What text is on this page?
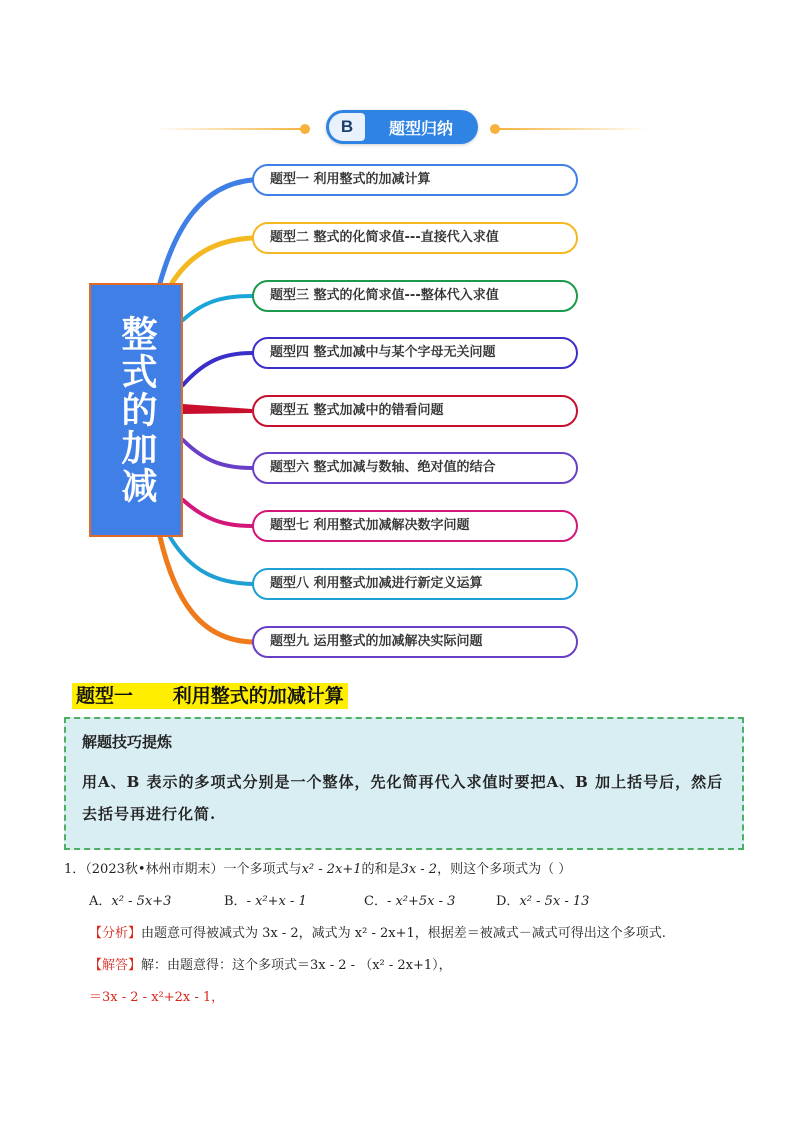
B	题型归纳
整式的加减
题型一 利用整式的加减计算
题型二 整式的化简求值---直接代入求值
题型三 整式的化简求值---整体代入求值
题型四 整式加减中与某个字母无关问题
题型五 整式加减中的错看问题
题型六 整式加减与数轴、绝对值的结合
题型七 利用整式加减解决数字问题
题型八 利用整式加减进行新定义运算
题型九 运用整式的加减解决实际问题
题型一      利用整式的加减计算
解题技巧提炼
用A、B 表示的多项式分别是一个整体，先化简再代入求值时要把A、B 加上括号后，然后去括号再进行化简.
1．（2023秋•林州市期末）一个多项式与x² - 2x+1的和是3x - 2，则这个多项式为（ ）
A．x² - 5x+3	B．- x²+x - 1	C．- x²+5x - 3	D．x² - 5x - 13
【分析】由题意可得被减式为 3x - 2，减式为 x² - 2x+1，根据差＝被减式－减式可得出这个多项式.
【解答】解：由题意得：这个多项式＝3x - 2 - （x² - 2x+1），
＝3x - 2 - x²+2x - 1，
